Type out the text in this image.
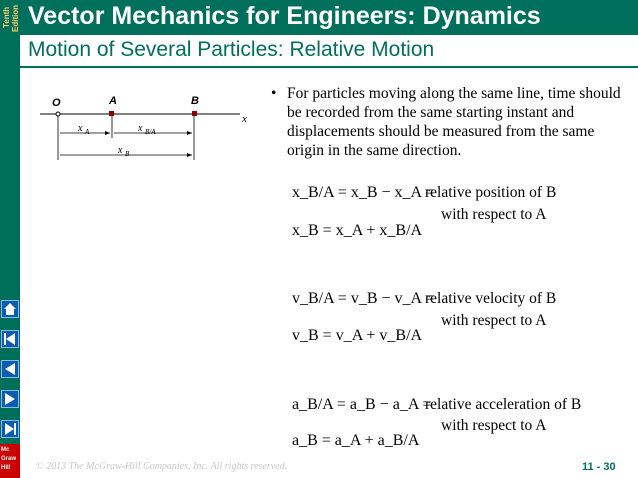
Tenth Edition Vector Mechanics for Engineers: Dynamics
Motion of Several Particles: Relative Motion
Mc
Graw
Hill
x
O	A	B
x A	x B/A
x B
• For particles moving along the same line, time should be recorded from the same starting instant and displacements should be measured from the same origin in the same direction.
x_B/A = x_B − x_A =
relative position of B
with respect to A
x_B = x_A + x_B/A
v_B/A = v_B − v_A =
relative velocity of B
with respect to A
v_B = v_A + v_B/A
a_B/A = a_B − a_A =
relative acceleration of B
with respect to A
a_B = a_A + a_B/A
© 2013 The McGraw-Hill Companies, Inc. All rights reserved.	11 - 30
